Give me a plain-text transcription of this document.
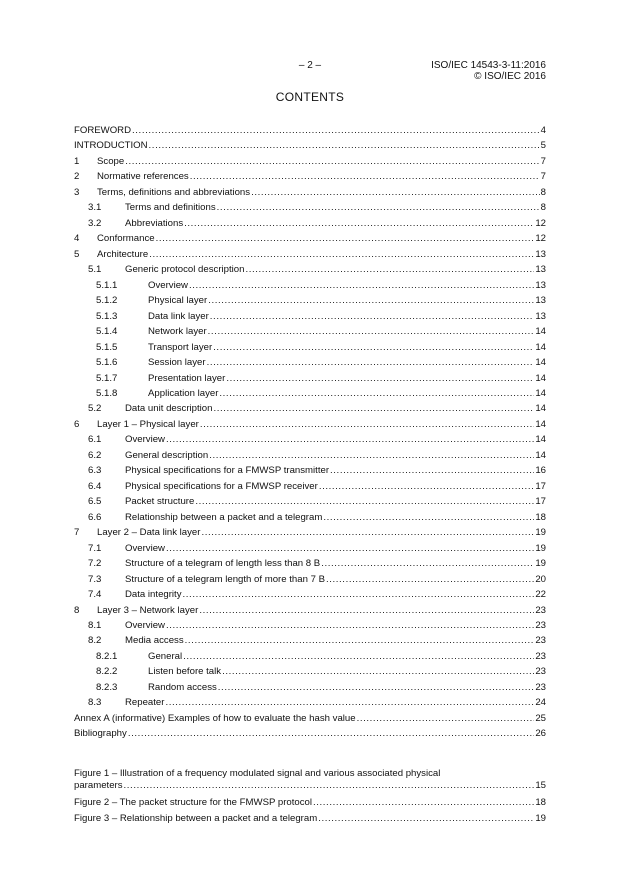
– 2 –	ISO/IEC 14543-3-11:2016
© ISO/IEC 2016
CONTENTS
FOREWORD .....	4
INTRODUCTION .....	5
1	Scope .....	7
2	Normative references .....	7
3	Terms, definitions and abbreviations .....	8
3.1	Terms and definitions .....	8
3.2	Abbreviations .....	12
4	Conformance .....	12
5	Architecture .....	13
5.1	Generic protocol description .....	13
5.1.1	Overview .....	13
5.1.2	Physical layer .....	13
5.1.3	Data link layer .....	13
5.1.4	Network layer .....	14
5.1.5	Transport layer .....	14
5.1.6	Session layer .....	14
5.1.7	Presentation layer .....	14
5.1.8	Application layer .....	14
5.2	Data unit description .....	14
6	Layer 1 – Physical layer .....	14
6.1	Overview .....	14
6.2	General description .....	14
6.3	Physical specifications for a FMWSP transmitter .....	16
6.4	Physical specifications for a FMWSP receiver .....	17
6.5	Packet structure .....	17
6.6	Relationship between a packet and a telegram .....	18
7	Layer 2 – Data link layer .....	19
7.1	Overview .....	19
7.2	Structure of a telegram of length less than 8 B .....	19
7.3	Structure of a telegram length of more than 7 B .....	20
7.4	Data integrity .....	22
8	Layer 3 – Network layer .....	23
8.1	Overview .....	23
8.2	Media access .....	23
8.2.1	General .....	23
8.2.2	Listen before talk .....	23
8.2.3	Random access .....	23
8.3	Repeater .....	24
Annex A (informative) Examples of how to evaluate the hash value .....	25
Bibliography .....	26
Figure 1 – Illustration of a frequency modulated signal and various associated physical
parameters .....	15
Figure 2 – The packet structure for the FMWSP protocol .....	18
Figure 3 – Relationship between a packet and a telegram .....	19
